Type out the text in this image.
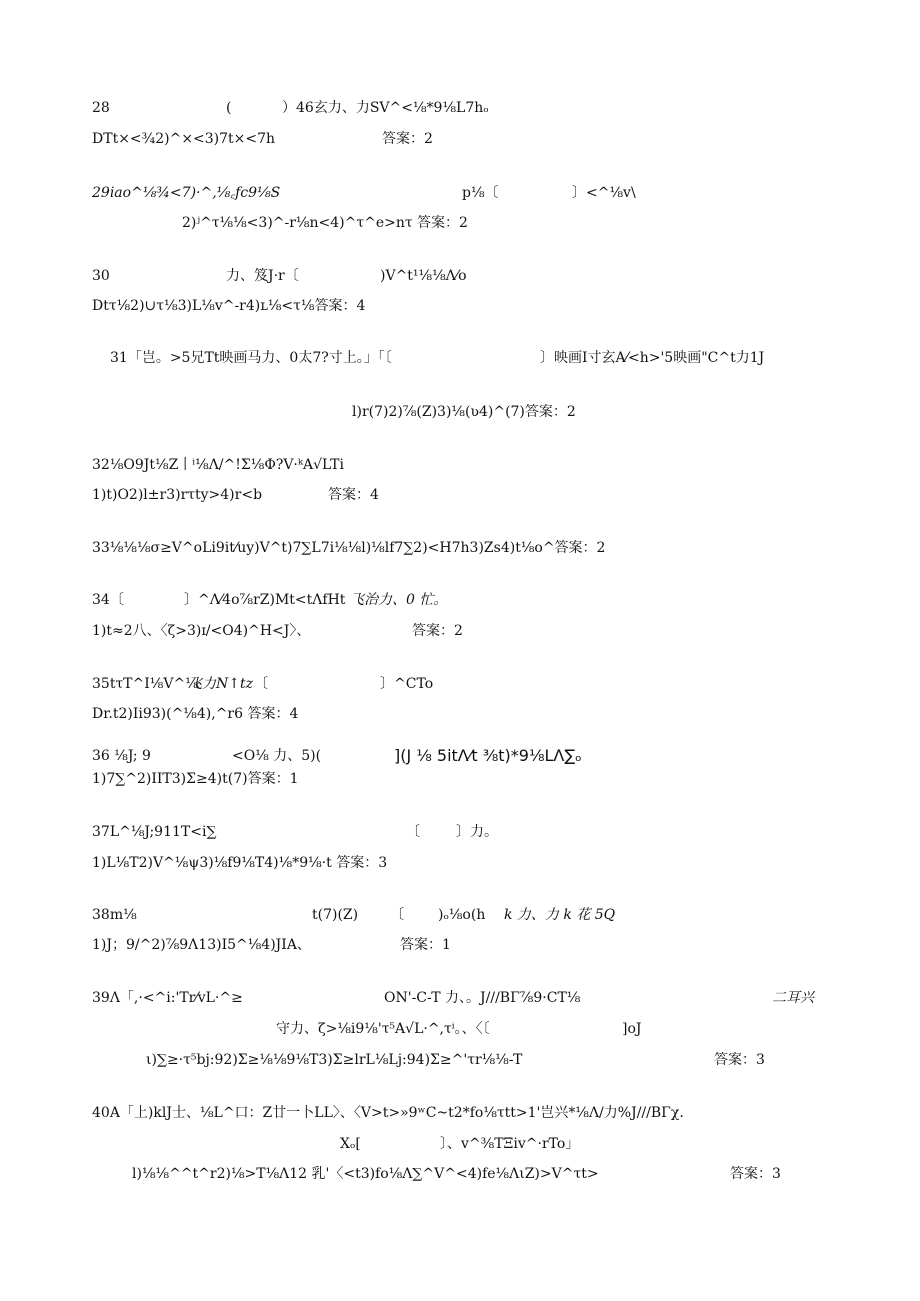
28	(	）46玄力、力SV^<⅛*9⅛L7hₒ
DTt×<¾2)^×<3)7t×<7h	答案：2
29iao^⅛¾<7)·^,⅛꜀fc9⅛S	p⅛〔	〕<^⅛v\
2)ʲ^τ⅛⅛<3)^-r⅛n<4)^τ^e>nτ 答案：2
30	力、笈J·r〔	)V^t¹⅛⅛Λ⁄o
Dtτ⅛2)∪τ⅛3)L⅛v^-r4)ʟ⅛<τ⅛答案：4
31「岂。>5兄Tt映画马力、0太7?寸上。」「〔	〕映画I寸玄A⁄<h>'5映画"C^t力1J
l)r(7)2)⅞(Z)3)⅛(ʋ4)^(7)答案：2
32⅛O9Jt⅛Z丨ⁱ⅛Λ/^!Σ⅛Φ?V·ᵏA√LTi
1)t)O2)l±r3)rτty>4)r<b	答案：4
33⅛⅛⅛σ≥V^oLi9it⁄uy)V^t)7∑L7i⅛⅛l)⅛lf7∑2)<H7h3)Zs4)t⅛o^答案：2
34〔	〕^Λ⁄4o⅞rZ)Mt<tΛfHt 飞治力、0 忙。
1)t≈2八、〈ζ>3)ɪ/<O4)^H<J〉、	答案：2
35tτT^I⅛V^⅛
飞力N↑tz 〔	〕^CTo
Dr.t2)Ii93)(^⅛4),^r6 答案：4
36 ⅛J; 9	<O⅛ 力、5)(	](J ⅛ 5itΛ⁄t ⅜t)*9⅛LΛ∑ₒ
1)7∑^2)IIT3)Σ≥4)t(7)答案：1
37L^⅛J;911T<i∑	〔	〕力。
1)L⅛T2)V^⅛ψ3)⅛f9⅛T4)⅛*9⅛·t 答案：3
38m⅛	t(7)(Z) 〔 )ₒ⅛o(h k 力、力 k 花 5Q
1)J；9/^2)⅞9Λ13)I5^⅛4)JIA、	答案：1
39Λ「,·<^i:'Tr⁄vL·^≥	ON'-C-T 力、。J///BΓ⅞9·CT⅛	二耳兴
守力、ζ>⅛i9⅛'τ⁵A√L·^,τⁱ。、〈〔	]oJ
ι)∑≥·τ⁵bj:92)Σ≥⅛⅛9⅛T3)Σ≥lrL⅛Lj:94)Σ≥^'τr⅛⅛-T	答案：3
40A「上)klJ士、⅛L^口：Z廿一卜LL〉、〈V>t>»9ʷC~t2*fo⅛τtt>1'岂兴*⅛Λ/力%J///BΓχ.
Xₒ[	〕、v^⅜TΞiv^·rTo」
l)⅛⅛^^t^r2)⅛>T⅛Λ12 乳'〈<t3)fo⅛Λ∑^V^<4)fe⅛ΛιZ)>V^τt>	答案：3
